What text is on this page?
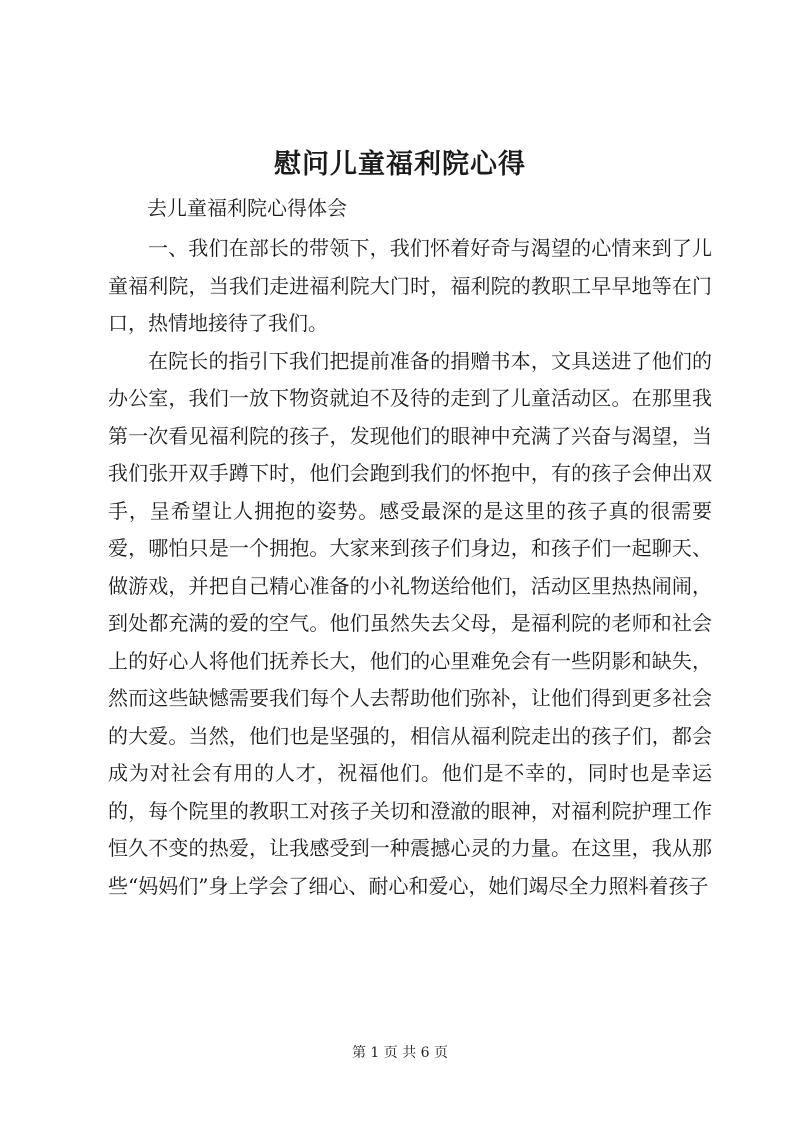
慰问儿童福利院心得

去儿童福利院心得体会

一、我们在部长的带领下，我们怀着好奇与渴望的心情来到了儿童福利院，当我们走进福利院大门时，福利院的教职工早早地等在门口，热情地接待了我们。

在院长的指引下我们把提前准备的捐赠书本，文具送进了他们的办公室，我们一放下物资就迫不及待的走到了儿童活动区。在那里我第一次看见福利院的孩子，发现他们的眼神中充满了兴奋与渴望，当我们张开双手蹲下时，他们会跑到我们的怀抱中，有的孩子会伸出双手，呈希望让人拥抱的姿势。感受最深的是这里的孩子真的很需要爱，哪怕只是一个拥抱。大家来到孩子们身边，和孩子们一起聊天、做游戏，并把自己精心准备的小礼物送给他们，活动区里热热闹闹，到处都充满的爱的空气。他们虽然失去父母，是福利院的老师和社会上的好心人将他们抚养长大，他们的心里难免会有一些阴影和缺失，然而这些缺憾需要我们每个人去帮助他们弥补，让他们得到更多社会的大爱。当然，他们也是坚强的，相信从福利院走出的孩子们，都会成为对社会有用的人才，祝福他们。他们是不幸的，同时也是幸运的，每个院里的教职工对孩子关切和澄澈的眼神，对福利院护理工作恒久不变的热爱，让我感受到一种震撼心灵的力量。在这里，我从那些“妈妈们”身上学会了细心、耐心和爱心，她们竭尽全力照料着孩子

第 1 页 共 6 页
